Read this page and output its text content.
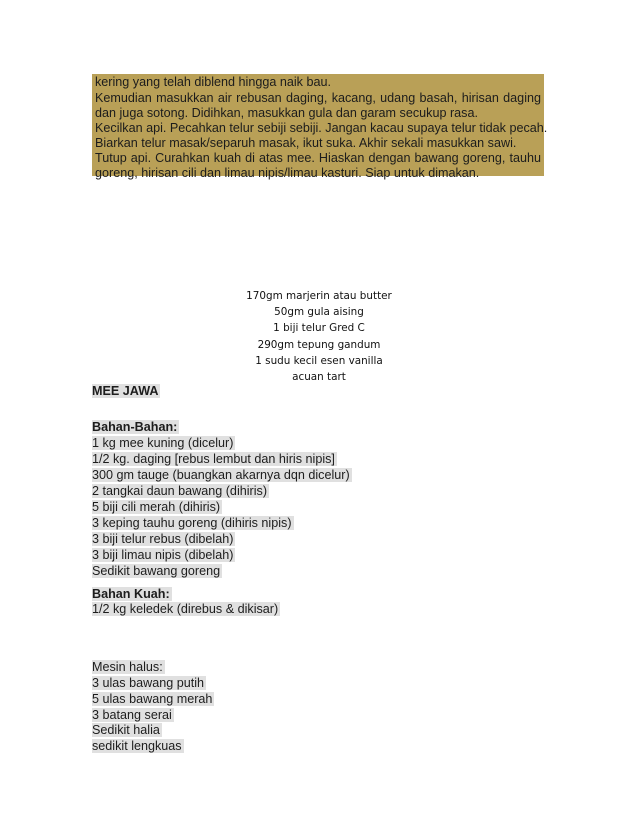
kering yang telah diblend hingga naik bau.
Kemudian masukkan air rebusan daging, kacang, udang basah, hirisan daging
dan juga sotong. Didihkan, masukkan gula dan garam secukup rasa.
Kecilkan api. Pecahkan telur sebiji sebiji. Jangan kacau supaya telur tidak pecah.
Biarkan telur masak/separuh masak, ikut suka. Akhir sekali masukkan sawi.
Tutup api. Curahkan kuah di atas mee. Hiaskan dengan bawang goreng, tauhu
goreng, hirisan cili dan limau nipis/limau kasturi. Siap untuk dimakan.
170gm marjerin atau butter
50gm gula aising
1 biji telur Gred C
290gm tepung gandum
1 sudu kecil esen vanilla
acuan tart
MEE JAWA
Bahan-Bahan:
1 kg mee kuning (dicelur)
1/2 kg. daging [rebus lembut dan hiris nipis]
300 gm tauge (buangkan akarnya dqn dicelur)
2 tangkai daun bawang (dihiris)
5 biji cili merah (dihiris)
3 keping tauhu goreng (dihiris nipis)
3 biji telur rebus (dibelah)
3 biji limau nipis (dibelah)
Sedikit bawang goreng
Bahan Kuah:
1/2 kg keledek (direbus & dikisar)
Mesin halus:
3 ulas bawang putih
5 ulas bawang merah
3 batang serai
Sedikit halia
sedikit lengkuas
